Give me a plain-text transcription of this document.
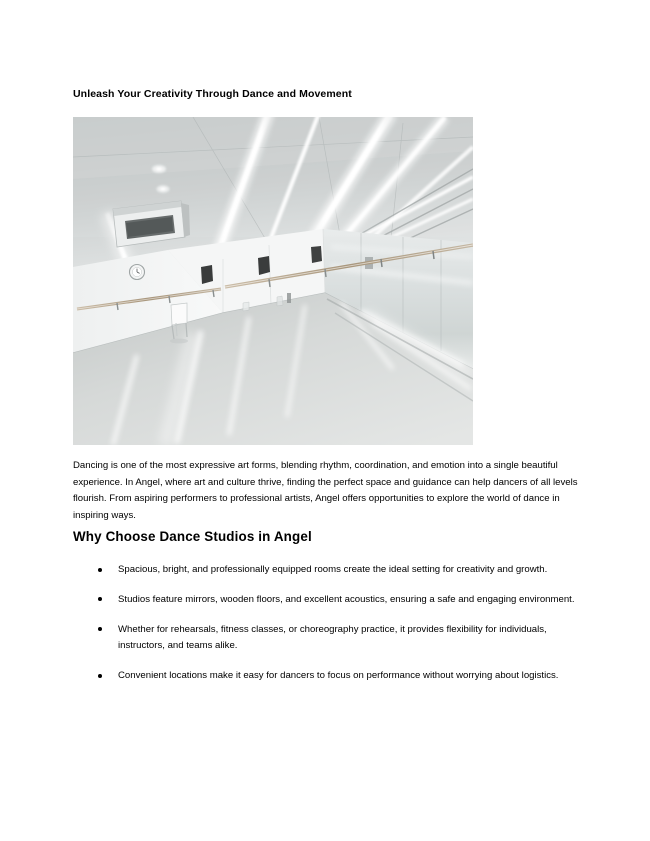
Unleash Your Creativity Through Dance and Movement
Dancing is one of the most expressive art forms, blending rhythm, coordination, and emotion into a single beautiful experience. In Angel, where art and culture thrive, finding the perfect space and guidance can help dancers of all levels flourish. From aspiring performers to professional artists, Angel offers opportunities to explore the world of dance in inspiring ways.
Why Choose Dance Studios in Angel
Spacious, bright, and professionally equipped rooms create the ideal setting for creativity and growth.
Studios feature mirrors, wooden floors, and excellent acoustics, ensuring a safe and engaging environment.
Whether for rehearsals, fitness classes, or choreography practice, it provides flexibility for individuals, instructors, and teams alike.
Convenient locations make it easy for dancers to focus on performance without worrying about logistics.
